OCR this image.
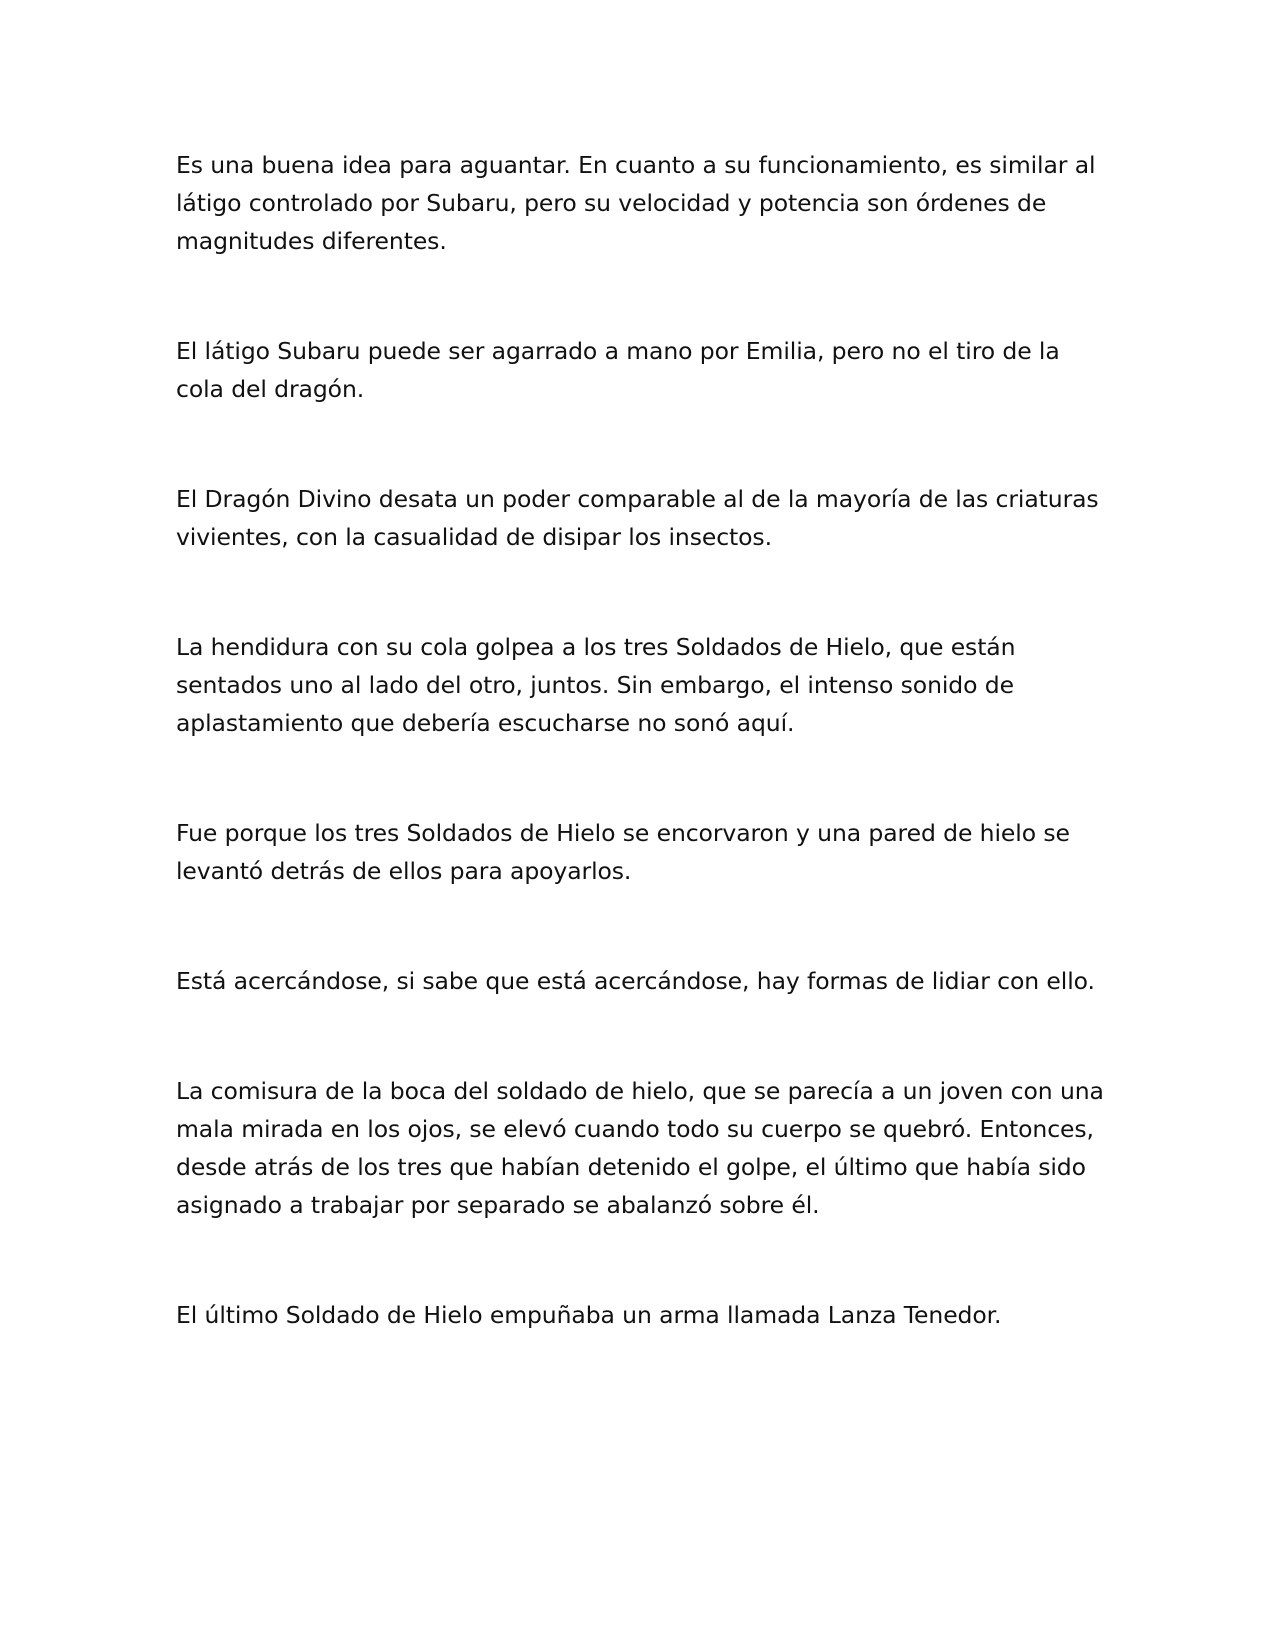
Es una buena idea para aguantar. En cuanto a su funcionamiento, es similar al látigo controlado por Subaru, pero su velocidad y potencia son órdenes de magnitudes diferentes.

El látigo Subaru puede ser agarrado a mano por Emilia, pero no el tiro de la cola del dragón.

El Dragón Divino desata un poder comparable al de la mayoría de las criaturas vivientes, con la casualidad de disipar los insectos.

La hendidura con su cola golpea a los tres Soldados de Hielo, que están sentados uno al lado del otro, juntos. Sin embargo, el intenso sonido de aplastamiento que debería escucharse no sonó aquí.

Fue porque los tres Soldados de Hielo se encorvaron y una pared de hielo se levantó detrás de ellos para apoyarlos.

Está acercándose, si sabe que está acercándose, hay formas de lidiar con ello.

La comisura de la boca del soldado de hielo, que se parecía a un joven con una mala mirada en los ojos, se elevó cuando todo su cuerpo se quebró. Entonces, desde atrás de los tres que habían detenido el golpe, el último que había sido asignado a trabajar por separado se abalanzó sobre él.

El último Soldado de Hielo empuñaba un arma llamada Lanza Tenedor.
